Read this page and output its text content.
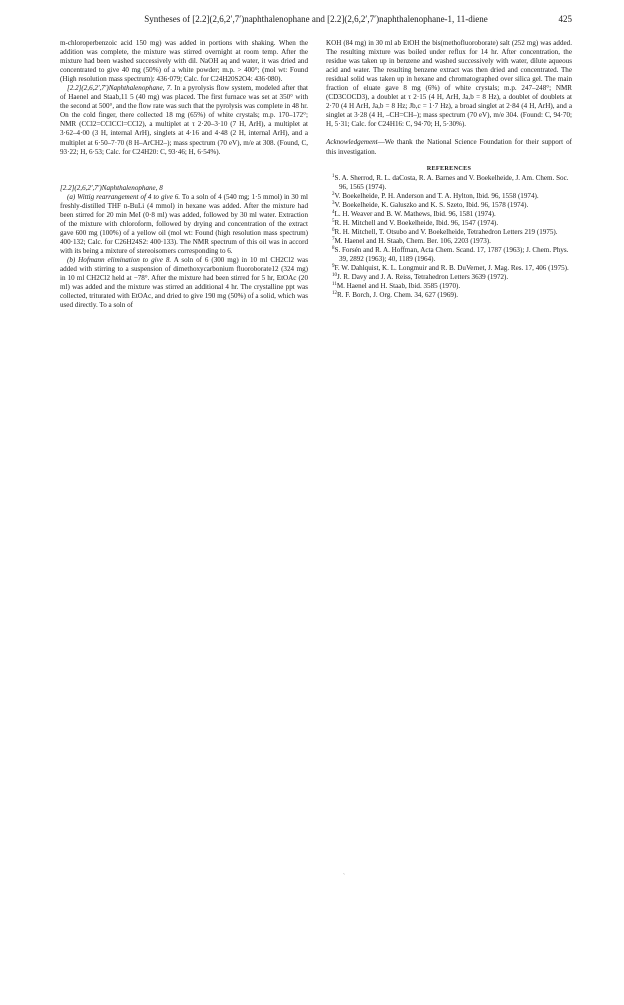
Syntheses of [2.2](2,6,2′,7′)naphthalenophane and [2.2](2,6,2′,7′)naphthalenophane-1, 11-diene	425

m-chloroperbenzoic acid 150 mg) was added in portions with shaking. When the addition was complete, the mixture was stirred overnight at room temp. After the mixture had been washed successively with dil. NaOH aq and water, it was dried and concentrated to give 40 mg (50%) of a white powder; m.p. > 400°; (mol wt: Found (High resolution mass spectrum): 436·079; Calc. for C24H20S2O4: 436·080).

[2.2](2,6,2′,7′)Naphthalenophane, 7. In a pyrolysis flow system, modeled after that of Haenel and Staab,11 5 (40 mg) was placed. The first furnace was set at 350° with the second at 500°, and the flow rate was such that the pyrolysis was complete in 48 hr. On the cold finger, there collected 18 mg (65%) of white crystals; m.p. 170–172°; NMR (CCl2=CClCCl=CCl2), a multiplet at τ 2·20–3·10 (7 H, ArH), a multiplet at 3·62–4·00 (3 H, internal ArH), singlets at 4·16 and 4·48 (2 H, internal ArH), and a multiplet at 6·50–7·70 (8 H–ArCH2–); mass spectrum (70 eV), m/e at 308. (Found, C, 93·22; H, 6·53; Calc. for C24H20: C, 93·46; H, 6·54%).

[2.2](2,6,2′,7′)Naphthalenophane, 8

(a) Wittig rearrangement of 4 to give 6. To a soln of 4 (540 mg; 1·5 mmol) in 30 ml freshly-distilled THF n-BuLi (4 mmol) in hexane was added. After the mixture had been stirred for 20 min MeI (0·8 ml) was added, followed by 30 ml water. Extraction of the mixture with chloroform, followed by drying and concentration of the extract gave 600 mg (100%) of a yellow oil (mol wt: Found (high resolution mass spectrum) 400·132; Calc. for C26H24S2: 400·133). The NMR spectrum of this oil was in accord with its being a mixture of stereoisomers corresponding to 6.

(b) Hofmann elimination to give 8. A soln of 6 (300 mg) in 10 ml CH2Cl2 was added with stirring to a suspension of dimethoxycarbonium fluoroborate12 (324 mg) in 10 ml CH2Cl2 held at −78°. After the mixture had been stirred for 5 hr, EtOAc (20 ml) was added and the mixture was stirred an additional 4 hr. The crystalline ppt was collected, triturated with EtOAc, and dried to give 190 mg (50%) of a solid, which was used directly. To a soln of

KOH (84 mg) in 30 ml ab EtOH the bis(methofluoroborate) salt (252 mg) was added. The resulting mixture was boiled under reflux for 14 hr. After concentration, the residue was taken up in benzene and washed successively with water, dilute aqueous acid and water. The resulting benzene extract was then dried and concentrated. The residual solid was taken up in hexane and chromatographed over silica gel. The main fraction of eluate gave 8 mg (6%) of white crystals; m.p. 247–248°; NMR (CD3COCD3), a doublet at τ 2·15 (4 H, ArH, Ja,b = 8 Hz), a doublet of doublets at 2·70 (4 H ArH, Ja,b = 8 Hz; Jb,c = 1·7 Hz), a broad singlet at 2·84 (4 H, ArH), and a singlet at 3·28 (4 H, –CH=CH–); mass spectrum (70 eV), m/e 304. (Found: C, 94·70; H, 5·31; Calc. for C24H16: C, 94·70; H, 5·30%).

Acknowledgement—We thank the National Science Foundation for their support of this investigation.

REFERENCES
$^1$S. A. Sherrod, R. L. daCosta, R. A. Barnes and V. Boekelheide, J. Am. Chem. Soc. 96, 1565 (1974).
$^2$V. Boekelheide, P. H. Anderson and T. A. Hylton, Ibid. 96, 1558 (1974).
$^3$V. Boekelheide, K. Galuszko and K. S. Szeto, Ibid. 96, 1578 (1974).
$^4$L. H. Weaver and B. W. Mathews, Ibid. 96, 1581 (1974).
$^5$R. H. Mitchell and V. Boekelheide, Ibid. 96, 1547 (1974).
$^6$R. H. Mitchell, T. Otsubo and V. Boekelheide, Tetrahedron Letters 219 (1975).
$^7$M. Haenel and H. Staab, Chem. Ber. 106, 2203 (1973).
$^8$S. Forsén and R. A. Hoffman, Acta Chem. Scand. 17, 1787 (1963); J. Chem. Phys. 39, 2892 (1963); 40, 1189 (1964).
$^9$F. W. Dahlquist, K. L. Longmuir and R. B. DuVernet, J. Mag. Res. 17, 406 (1975).
$^{10}$J. R. Davy and J. A. Reiss, Tetrahedron Letters 3639 (1972).
$^{11}$M. Haenel and H. Staab, Ibid. 3585 (1970).
$^{12}$R. F. Borch, J. Org. Chem. 34, 627 (1969).
`
